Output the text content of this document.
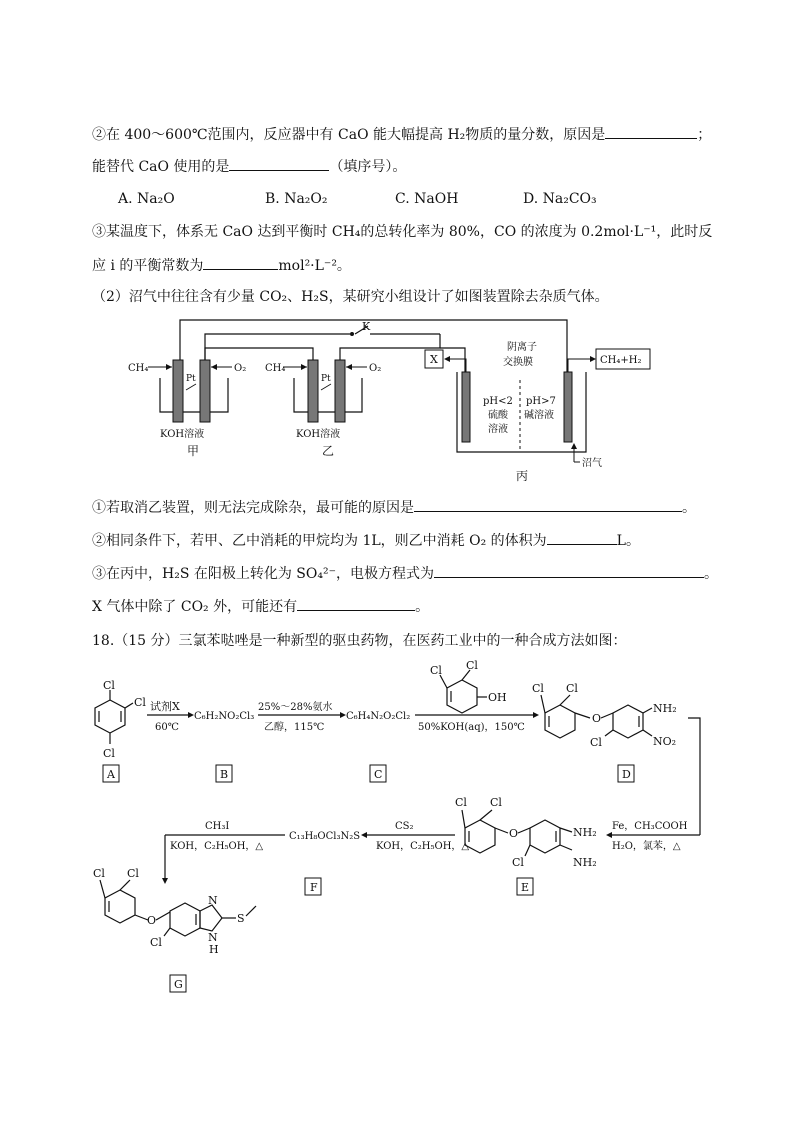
②在 400～600℃范围内，反应器中有 CaO 能大幅提高 H₂物质的量分数，原因是	；
能替代 CaO 使用的是	（填序号）。
A. Na₂O	B. Na₂O₂	C. NaOH	D. Na₂CO₃
③某温度下，体系无 CaO 达到平衡时 CH₄的总转化率为 80%，CO 的浓度为 0.2mol·L⁻¹，此时反
应 i 的平衡常数为	mol²·L⁻²。
（2）沼气中往往含有少量 CO₂、H₂S，某研究小组设计了如图装置除去杂质气体。
K
CH₄	O₂
Pt
KOH溶液
甲
CH₄	O₂
Pt
KOH溶液
乙
阴离子
交换膜
pH<2
硫酸
溶液
pH>7
碱溶液
X	CH₄+H₂
沼气
丙
①若取消乙装置，则无法完成除杂，最可能的原因是	。
②相同条件下，若甲、乙中消耗的甲烷均为 1L，则乙中消耗 O₂ 的体积为	L。
③在丙中，H₂S 在阳极上转化为 SO₄²⁻，电极方程式为	。
X 气体中除了 CO₂ 外，可能还有	。
18.（15 分）三氯苯哒唑是一种新型的驱虫药物，在医药工业中的一种合成方法如图：
Cl
Cl
Cl
试剂X
60℃
C₆H₂NO₂Cl₃
25%～28%氨水
乙醇，115℃
C₆H₄N₂O₂Cl₂
Cl Cl
OH
50%KOH(aq)，150℃
Cl Cl
O
NH₂
NO₂
Cl
Fe，CH₃COOH
H₂O，氯苯，△
Cl Cl
O	NH₂
NH₂
Cl
CS₂
KOH，C₂H₅OH，△
C₁₃H₈OCl₃N₂S
CH₃I
KOH，C₂H₅OH，△
Cl Cl
O
Cl
N
N
H
S
A	B	C	D
E
F
G
